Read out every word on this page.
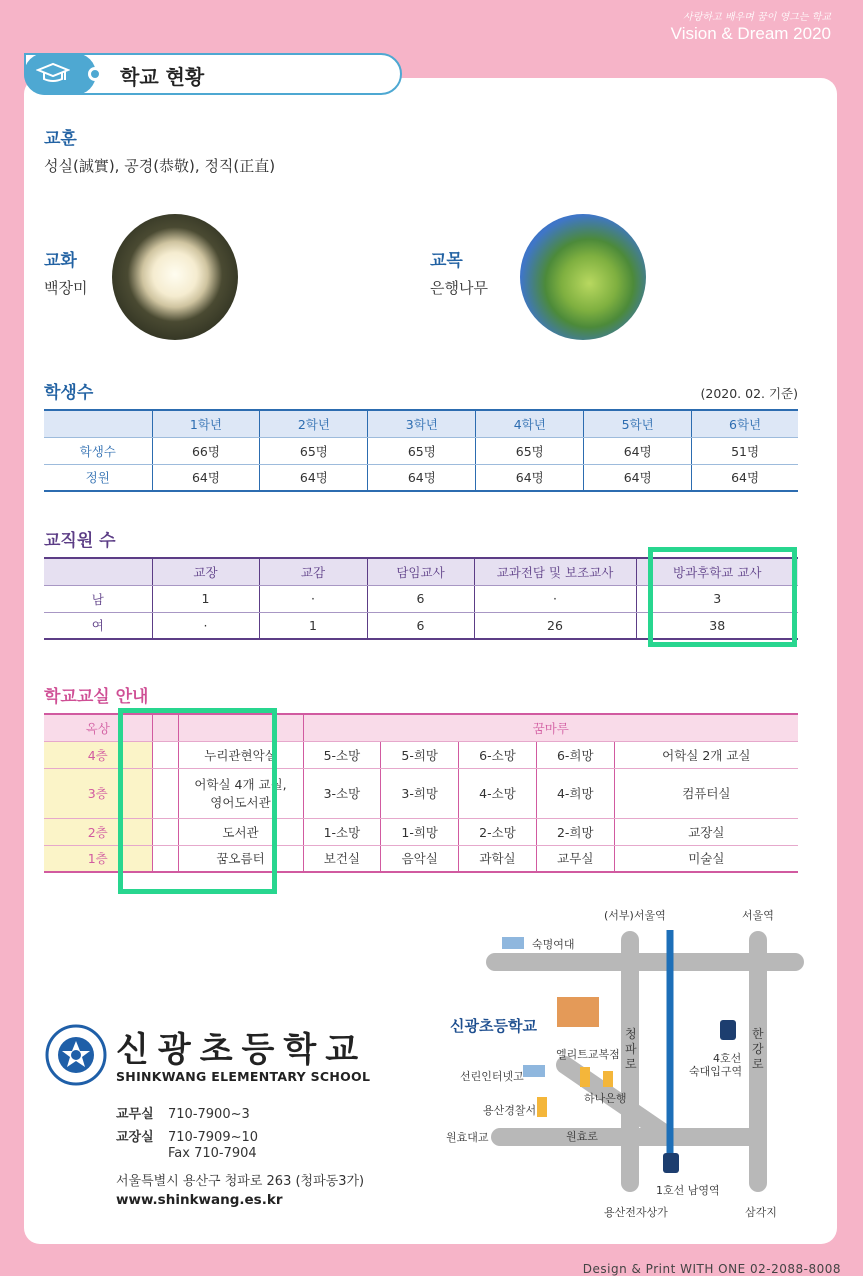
사랑하고 배우며 꿈이 영그는 학교
Vision & Dream 2020
학교 현황
교훈
성실(誠實), 공경(恭敬), 정직(正直)
교화
백장미
교목
은행나무
학생수	(2020. 02. 기준)
	1학년	2학년	3학년	4학년	5학년	6학년
학생수	66명	65명	65명	65명	64명	51명
정원	64명	64명	64명	64명	64명	64명
교직원 수
	교장	교감	담임교사	교과전담 및 보조교사	방과후학교 교사
남	1	·	6	·	3
여	·	1	6	26	38
학교교실 안내
옥상			꿈마루				
4층		누리관현악실	5-소망	5-희망	6-소망	6-희망	어학실 2개 교실
3층		어학실 4개 교실,
영어도서관	3-소망	3-희망	4-소망	4-희망	컴퓨터실
2층		도서관	1-소망	1-희망	2-소망	2-희망	교장실
1층		꿈오름터	보건실	음악실	과학실	교무실	미술실
신광초등학교
SHINKWANG ELEMENTARY SCHOOL
교무실 710-7900~3
교장실 710-7909~10
Fax 710-7904
서울특별시 용산구 청파로 263 (청파동3가)
www.shinkwang.es.kr
(서부)서울역	서울역
숙명여대
신광초등학교	청
파
로
한
강
로
엘리트교복점	4호선
숙대입구역
선린인터넷고
하나은행
용산경찰서
원효대교	원효로
1호선 남영역
용산전자상가	삼각지
Design & Print WITH ONE 02-2088-8008
